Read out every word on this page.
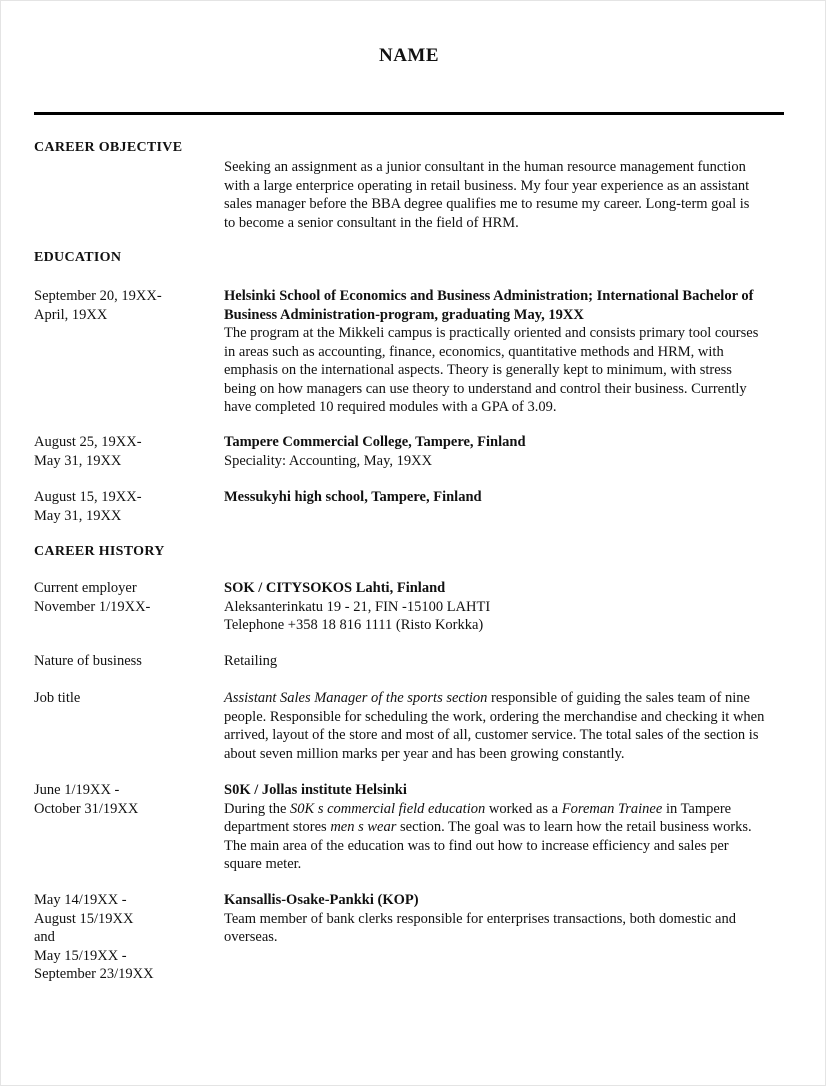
NAME
CAREER OBJECTIVE
Seeking an assignment as a junior consultant in the human resource management function
with a large enterprice operating in retail business. My four year experience as an assistant
sales manager before the BBA degree qualifies me to resume my career. Long-term goal is
to become a senior consultant in the field of HRM.
EDUCATION
September 20, 19XX-
April, 19XX
Helsinki School of Economics and Business Administration; International Bachelor of
Business Administration-program, graduating May, 19XX
The program at the Mikkeli campus is practically oriented and consists primary tool courses
in areas such as accounting, finance, economics, quantitative methods and HRM, with
emphasis on the international aspects. Theory is generally kept to minimum, with stress
being on how managers can use theory to understand and control their business. Currently
have completed 10 required modules with a GPA of 3.09.
August 25, 19XX-
May 31, 19XX
Tampere Commercial College, Tampere, Finland
Speciality: Accounting, May, 19XX
August 15, 19XX-
May 31, 19XX
Messukyhi high school, Tampere, Finland
CAREER HISTORY
Current employer
November 1/19XX-
SOK / CITYSOKOS Lahti, Finland
Aleksanterinkatu 19 - 21, FIN -15100 LAHTI
Telephone +358 18 816 1111 (Risto Korkka)
Nature of business	Retailing
Job title	Assistant Sales Manager of the sports section responsible of guiding the sales team of nine
people. Responsible for scheduling the work, ordering the merchandise and checking it when
arrived, layout of the store and most of all, customer service. The total sales of the section is
about seven million marks per year and has been growing constantly.
June 1/19XX -
October 31/19XX
S0K / Jollas institute Helsinki
During the S0K s commercial field education worked as a Foreman Trainee in Tampere
department stores men s wear section. The goal was to learn how the retail business works.
The main area of the education was to find out how to increase efficiency and sales per
square meter.
May 14/19XX -
August 15/19XX
and
May 15/19XX -
September 23/19XX
Kansallis-Osake-Pankki (KOP)
Team member of bank clerks responsible for enterprises transactions, both domestic and
overseas.
